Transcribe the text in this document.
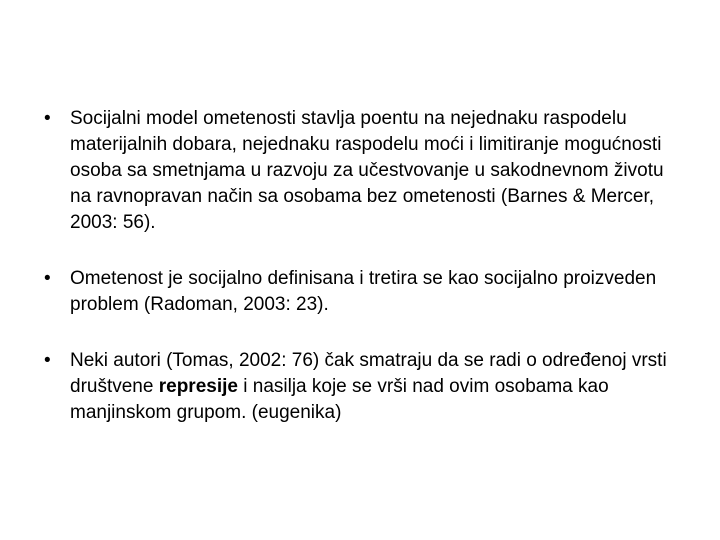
• Socijalni model ometenosti stavlja poentu na nejednaku raspodelu materijalnih dobara, nejednaku raspodelu moći i limitiranje mogućnosti osoba sa smetnjama u razvoju za učestvovanje u sakodnevnom životu na ravnopravan način sa osobama bez ometenosti (Barnes & Mercer, 2003: 56).
• Ometenost je socijalno definisana i tretira se kao socijalno proizveden problem (Radoman, 2003: 23).
• Neki autori (Tomas, 2002: 76) čak smatraju da se radi o određenoj vrsti društvene represije i nasilja koje se vrši nad ovim osobama kao manjinskom grupom. (eugenika)
